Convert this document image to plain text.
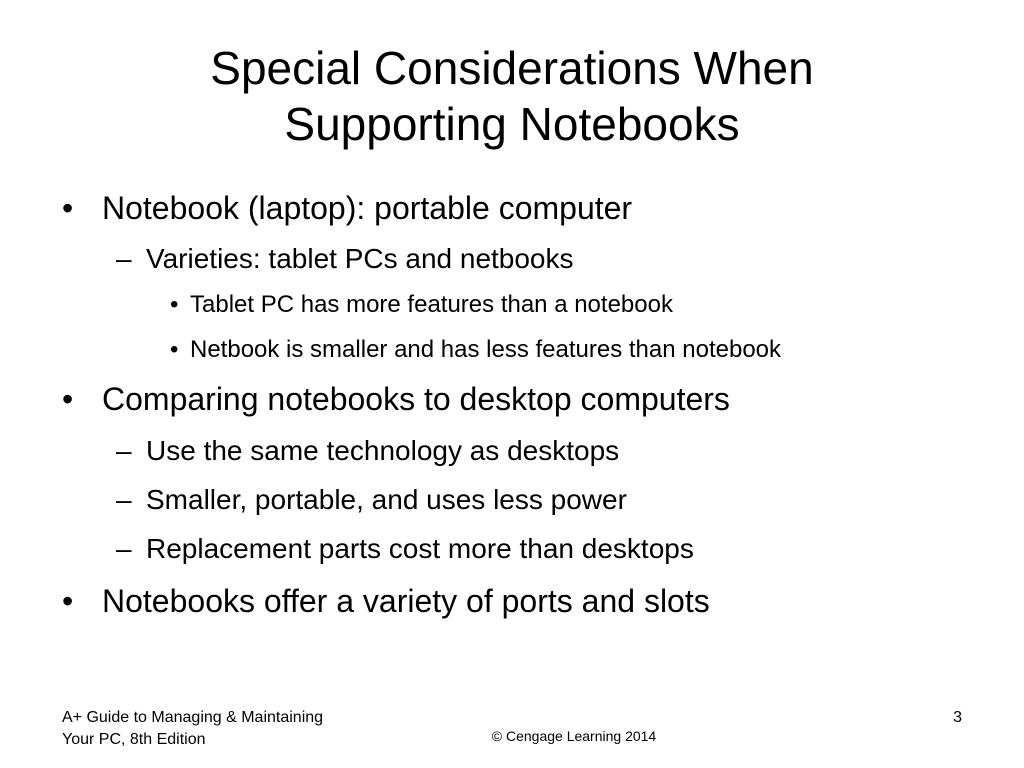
Special Considerations When
Supporting Notebooks
• Notebook (laptop): portable computer
– Varieties: tablet PCs and netbooks
• Tablet PC has more features than a notebook
• Netbook is smaller and has less features than notebook
• Comparing notebooks to desktop computers
– Use the same technology as desktops
– Smaller, portable, and uses less power
– Replacement parts cost more than desktops
• Notebooks offer a variety of ports and slots
A+ Guide to Managing & Maintaining
Your PC, 8th Edition	© Cengage Learning 2014
3
